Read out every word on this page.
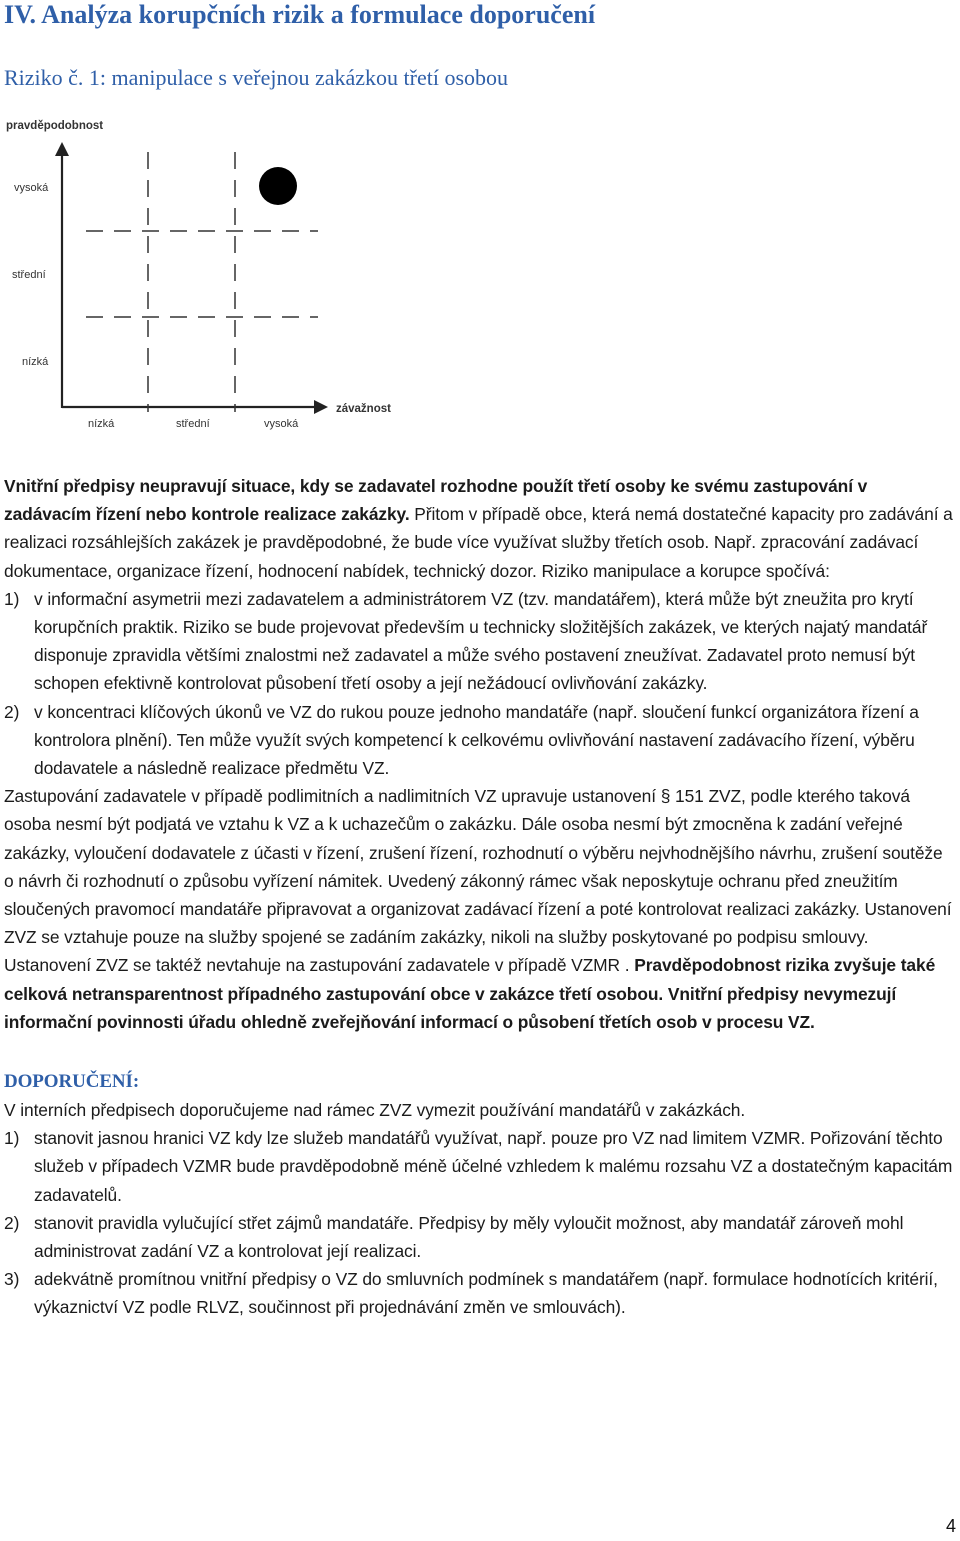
IV. Analýza korupčních rizik a formulace doporučení
Riziko č. 1: manipulace s veřejnou zakázkou třetí osobou
pravděpodobnost
vysoká
střední
nízká
nízká	střední	vysoká
závažnost

Vnitřní předpisy neupravují situace, kdy se zadavatel rozhodne použít třetí osoby ke svému zastupování v zadávacím řízení nebo kontrole realizace zakázky. Přitom v případě obce, která nemá dostatečné kapacity pro zadávání a realizaci rozsáhlejších zakázek je pravděpodobné, že bude více využívat služby třetích osob. Např. zpracování zadávací dokumentace, organizace řízení, hodnocení nabídek, technický dozor. Riziko manipulace a korupce spočívá:

1) v informační asymetrii mezi zadavatelem a administrátorem VZ (tzv. mandatářem), která může být zneužita pro krytí korupčních praktik. Riziko se bude projevovat především u technicky složitějších zakázek, ve kterých najatý mandatář disponuje zpravidla většími znalostmi než zadavatel a může svého postavení zneužívat. Zadavatel proto nemusí být schopen efektivně kontrolovat působení třetí osoby a její nežádoucí ovlivňování zakázky.
2) v koncentraci klíčových úkonů ve VZ do rukou pouze jednoho mandatáře (např. sloučení funkcí organizátora řízení a kontrolora plnění). Ten může využít svých kompetencí k celkovému ovlivňování nastavení zadávacího řízení, výběru dodavatele a následně realizace předmětu VZ.

Zastupování zadavatele v případě podlimitních a nadlimitních VZ upravuje ustanovení § 151 ZVZ, podle kterého taková osoba nesmí být podjatá ve vztahu k VZ a k uchazečům o zakázku. Dále osoba nesmí být zmocněna k zadání veřejné zakázky, vyloučení dodavatele z účasti v řízení, zrušení řízení, rozhodnutí o výběru nejvhodnějšího návrhu, zrušení soutěže o návrh či rozhodnutí o způsobu vyřízení námitek. Uvedený zákonný rámec však neposkytuje ochranu před zneužitím sloučených pravomocí mandatáře připravovat a organizovat zadávací řízení a poté kontrolovat realizaci zakázky. Ustanovení ZVZ se vztahuje pouze na služby spojené se zadáním zakázky, nikoli na služby poskytované po podpisu smlouvy. Ustanovení ZVZ se taktéž nevtahuje na zastupování zadavatele v případě VZMR . Pravděpodobnost rizika zvyšuje také celková netransparentnost případného zastupování obce v zakázce třetí osobou. Vnitřní předpisy nevymezují informační povinnosti úřadu ohledně zveřejňování informací o působení třetích osob v procesu VZ.

DOPORUČENÍ:

V interních předpisech doporučujeme nad rámec ZVZ vymezit používání mandatářů v zakázkách.

1) stanovit jasnou hranici VZ kdy lze služeb mandatářů využívat, např. pouze pro VZ nad limitem VZMR. Pořizování těchto služeb v případech VZMR bude pravděpodobně méně účelné vzhledem k malému rozsahu VZ a dostatečným kapacitám zadavatelů.
2) stanovit pravidla vylučující střet zájmů mandatáře. Předpisy by měly vyloučit možnost, aby mandatář zároveň mohl administrovat zadání VZ a kontrolovat její realizaci.
3) adekvátně promítnou vnitřní předpisy o VZ do smluvních podmínek s mandatářem (např. formulace hodnotících kritérií, výkaznictví VZ podle RLVZ, součinnost při projednávání změn ve smlouvách).
4
